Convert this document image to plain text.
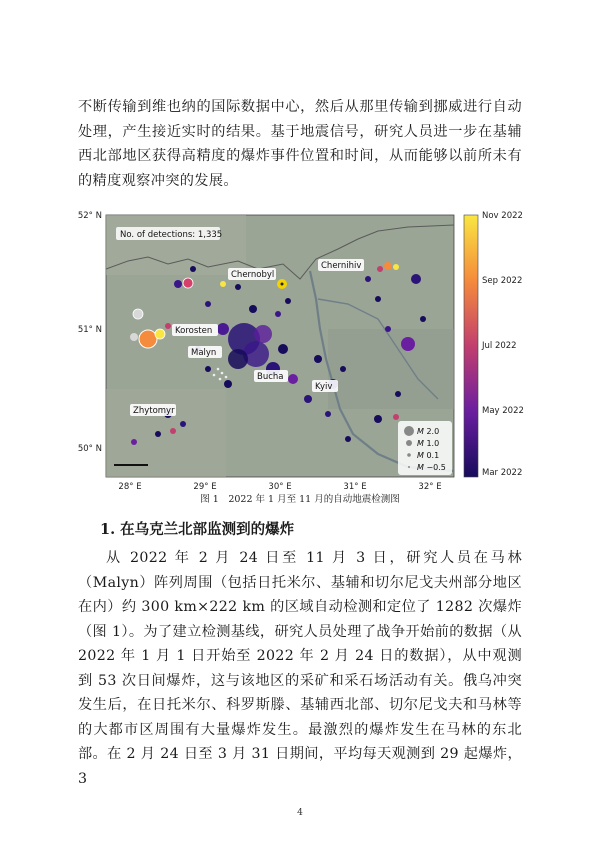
不断传输到维也纳的国际数据中心，然后从那里传输到挪威进行自动处理，产生接近实时的结果。基于地震信号，研究人员进一步在基辅西北部地区获得高精度的爆炸事件位置和时间，从而能够以前所未有的精度观察冲突的发展。

No. of detections: 1,335
Chernobyl
Chernihiv
Korosten
Malyn
Bucha
Kyiv
Zhytomyr
M 2.0
M 1.0
M 0.1
M −0.5
52° N
51° N
50° N
28° E	29° E	30° E	31° E	32° E
Nov 2022
Sep 2022
Jul 2022
May 2022
Mar 2022
图 1　2022 年 1 月至 11 月的自动地震检测图
1. 在乌克兰北部监测到的爆炸

从 2022 年 2 月 24 日至 11 月 3 日，研究人员在马林（Malyn）阵列周围（包括日托米尔、基辅和切尔尼戈夫州部分地区在内）约 300 km×222 km 的区域自动检测和定位了 1282 次爆炸（图 1）。为了建立检测基线，研究人员处理了战争开始前的数据（从 2022 年 1 月 1 日开始至 2022 年 2 月 24 日的数据），从中观测到 53 次日间爆炸，这与该地区的采矿和采石场活动有关。俄乌冲突发生后，在日托米尔、科罗斯滕、基辅西北部、切尔尼戈夫和马林等的大都市区周围有大量爆炸发生。最激烈的爆炸发生在马林的东北部。在 2 月 24 日至 3 月 31 日期间，平均每天观测到 29 起爆炸，3

4
